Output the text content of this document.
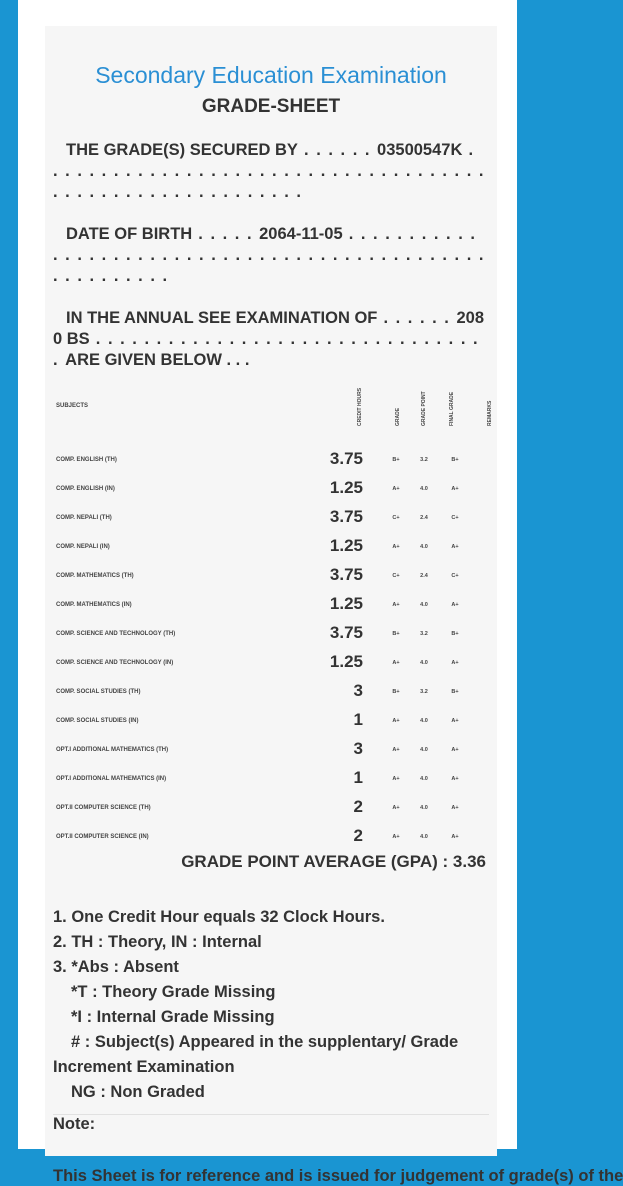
Secondary Education Examination
GRADE-SHEET
THE GRADE(S) SECURED BY . . . . . . 03500547K . . . . . . . . . . . . . . . . . . . . . . . . . . . . . . . . . . . . . . . . . . . . . . . . . . . . . . . . . .
DATE OF BIRTH . . . . . 2064-11-05 . . . . . . . . . . . . . . . . . . . . . . . . . . . . . . . . . . . . . . . . . . . . . . . . . . . . . . . . .
IN THE ANNUAL SEE EXAMINATION OF . . . . . . 2080 BS . . . . . . . . . . . . . . . . . . . . . . . . . . . . . . . . . ARE GIVEN BELOW . . .
SUBJECTS	CREDIT HOURS	GRADE	GRADE POINT	FINAL GRADE	REMARKS
COMP. ENGLISH (TH)	3.75	B+	3.2	B+
COMP. ENGLISH (IN)	1.25	A+	4.0	A+
COMP. NEPALI (TH)	3.75	C+	2.4	C+
COMP. NEPALI (IN)	1.25	A+	4.0	A+
COMP. MATHEMATICS (TH)	3.75	C+	2.4	C+
COMP. MATHEMATICS (IN)	1.25	A+	4.0	A+
COMP. SCIENCE AND TECHNOLOGY (TH)	3.75	B+	3.2	B+
COMP. SCIENCE AND TECHNOLOGY (IN)	1.25	A+	4.0	A+
COMP. SOCIAL STUDIES (TH)	3	B+	3.2	B+
COMP. SOCIAL STUDIES (IN)	1	A+	4.0	A+
OPT.I ADDITIONAL MATHEMATICS (TH)	3	A+	4.0	A+
OPT.I ADDITIONAL MATHEMATICS (IN)	1	A+	4.0	A+
OPT.II COMPUTER SCIENCE (TH)	2	A+	4.0	A+
OPT.II COMPUTER SCIENCE (IN)	2	A+	4.0	A+
GRADE POINT AVERAGE (GPA) : 3.36
1. One Credit Hour equals 32 Clock Hours.
2. TH : Theory, IN : Internal
3. *Abs : Absent
*T : Theory Grade Missing
*I : Internal Grade Missing
# : Subject(s) Appeared in the supplentary/ Grade Increment Examination
NG : Non Graded
Note:
This Sheet is for reference and is issued for judgement of grade(s) of the
